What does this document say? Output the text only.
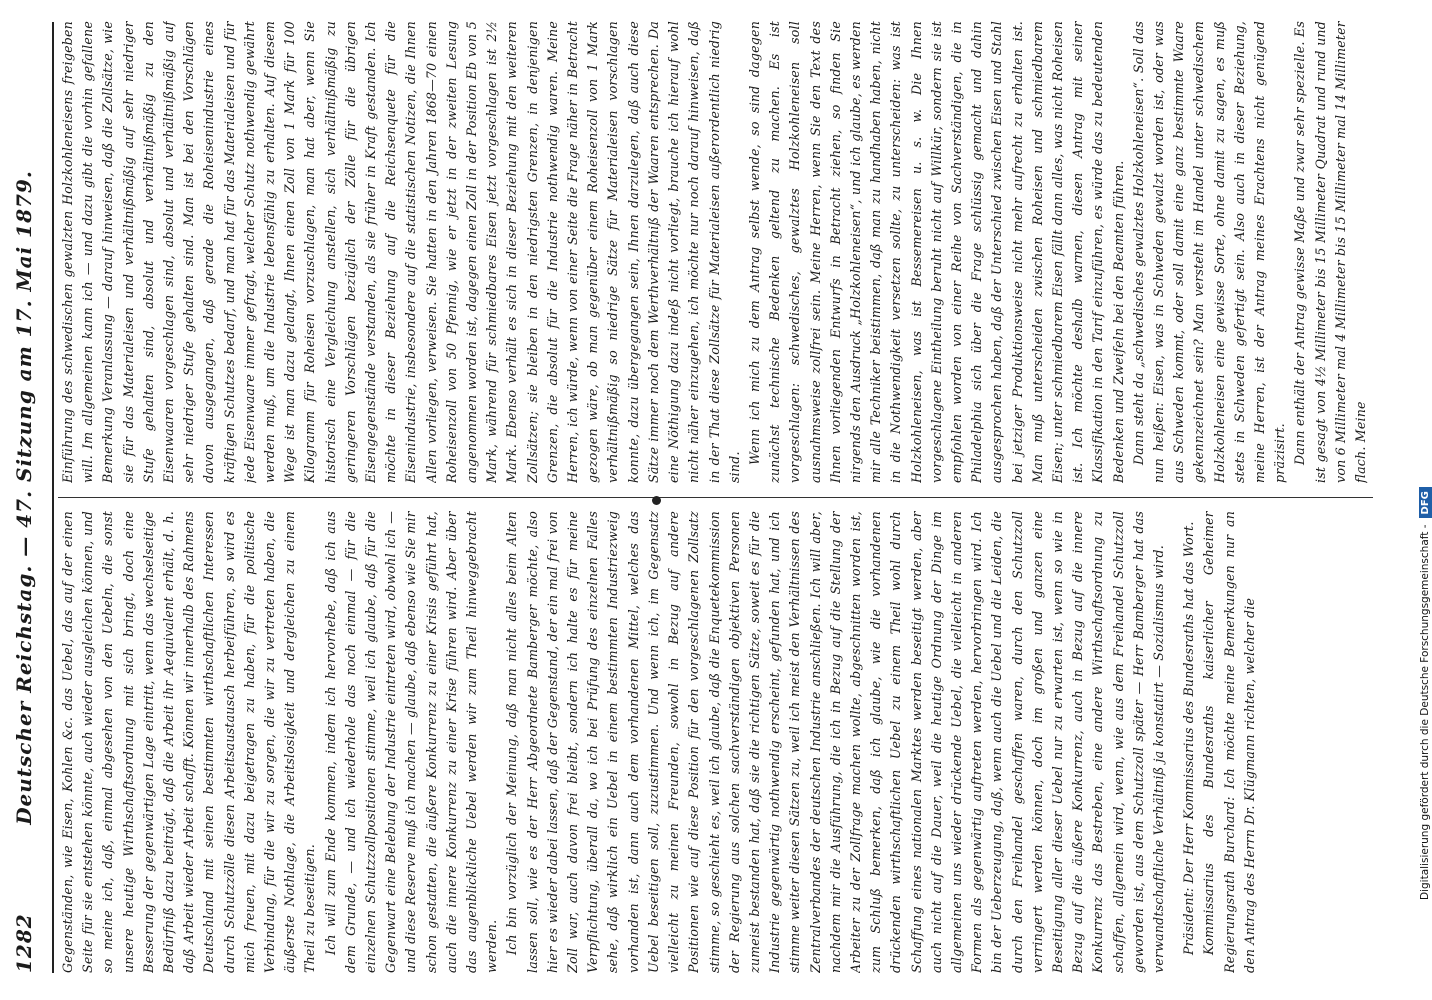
1282
Deutscher Reichstag. — 47. Sitzung am 17. Mai 1879. Gegenständen, wie Eisen, Kohlen &c. das Uebel, das auf der einen Seite für sie entstehen könnte, auch wieder ausgleichen können, und so meine ich, daß, einmal abgesehen von den Uebeln, die sonst unsere heutige Wirthschaftsordnung mit sich bringt, doch eine Besserung der gegenwärtigen Lage eintritt, wenn das wechselseitige Bedürfniß dazu beiträgt, daß die Arbeit ihr Aequivalent erhält, d. h. daß Arbeit wieder Arbeit schafft. Können wir innerhalb des Rahmens Deutschland mit seinen bestimmten wirthschaftlichen Interessen durch Schutzzölle diesen Arbeitsaustausch herbeiführen, so wird es mich freuen, mit dazu beigetragen zu haben, für die politische Verbindung, für die wir zu sorgen, die wir zu vertreten haben, die äußerste Nothlage, die Arbeitslosigkeit und dergleichen zu einem Theil zu beseitigen. Ich will zum Ende kommen, indem ich hervorhebe, daß ich aus dem Grunde, — und ich wiederhole das noch einmal — für die einzelnen Schutzzollpositionen stimme, weil ich glaube, daß für die Gegenwart eine Belebung der Industrie eintreten wird, obwohl ich — und diese Reserve muß ich machen — glaube, daß ebenso wie Sie mir schon gestatten, die äußere Konkurrenz zu einer Krisis geführt hat, auch die innere Konkurrenz zu einer Krise führen wird. Aber über das augenblickliche Uebel werden wir zum Theil hinweggebracht werden. Ich bin vorzüglich der Meinung, daß man nicht alles beim Alten lassen soll, wie es der Herr Abgeordnete Bamberger möchte, also hier es wieder dabei lassen, daß der Gegenstand, der ein mal frei von Zoll war, auch davon frei bleibt, sondern ich halte es für meine Verpflichtung, überall da, wo ich bei Prüfung des einzelnen Falles sehe, daß wirklich ein Uebel in einem bestimmten Industriezweig vorhanden ist, dann auch dem vorhandenen Mittel, welches das Uebel beseitigen soll, zuzustimmen. Und wenn ich, im Gegensatz vielleicht zu meinen Freunden, sowohl in Bezug auf andere Positionen wie auf diese Position für den vorgeschlagenen Zollsatz stimme, so geschieht es, weil ich glaube, daß die Enquetekommission der Regierung aus solchen sachverständigen objektiven Personen zumeist bestanden hat, daß sie die richtigen Sätze, soweit es für die Industrie gegenwärtig nothwendig erscheint, gefunden hat, und ich stimme weiter diesen Sätzen zu, weil ich meist den Verhältnissen des Zentralverbandes der deutschen Industrie anschließen. Ich will aber, nachdem mir die Ausführung, die ich in Bezug auf die Stellung der Arbeiter zu der Zollfrage machen wollte, abgeschnitten worden ist, zum Schluß bemerken, daß ich glaube, wie die vorhandenen drückenden wirthschaftlichen Uebel zu einem Theil wohl durch Schaffung eines nationalen Marktes werden beseitigt werden, aber auch nicht auf die Dauer, weil die heutige Ordnung der Dinge im allgemeinen uns wieder drückende Uebel, die vielleicht in anderen Formen als gegenwärtig auftreten werden, hervorbringen wird. Ich bin der Ueberzeugung, daß, wenn auch die Uebel und die Leiden, die durch den Freihandel geschaffen waren, durch den Schutzzoll verringert werden können, doch im großen und ganzen eine Beseitigung aller dieser Uebel nur zu erwarten ist, wenn so wie in Bezug auf die äußere Konkurrenz, auch in Bezug auf die innere Konkurrenz das Bestreben, eine andere Wirthschaftsordnung zu schaffen, allgemein wird, wenn, wie aus dem Freihandel Schutzzoll geworden ist, aus dem Schutzzoll später — Herr Bamberger hat das verwandtschaftliche Verhältniß ja konstatirt — Sozialismus wird. Präsident: Der Herr Kommissarius des Bundesraths hat das Wort. Kommissarius des Bundesraths kaiserlicher Geheimer Regierungsrath Burchard: Ich möchte meine Bemerkungen nur an den Antrag des Herrn Dr. Klügmann richten, welcher die

Einführung des schwedischen gewalzten Holzkohleneisens freigeben will. Im allgemeinen kann ich — und dazu gibt die vorhin gefallene Bemerkung Veranlassung — darauf hinweisen, daß die Zollsätze, wie sie für das Materialeisen und verhältnißmäßig auf sehr niedriger Stufe gehalten sind, absolut und verhältnißmäßig zu den Eisenwaaren vorgeschlagen sind, absolut und verhältnißmäßig auf sehr niedriger Stufe gehalten sind. Man ist bei den Vorschlägen davon ausgegangen, daß gerade die Roheisenindustrie eines kräftigen Schutzes bedarf, und man hat für das Materialeisen und für jede Eisenwaare immer gefragt, welcher Schutz nothwendig gewährt werden muß, um die Industrie lebensfähig zu erhalten. Auf diesem Wege ist man dazu gelangt, Ihnen einen Zoll von 1 Mark für 100 Kilogramm für Roheisen vorzuschlagen, man hat aber, wenn Sie historisch eine Vergleichung anstellen, sich verhältnißmäßig zu geringeren Vorschlägen bezüglich der Zölle für die übrigen Eisengegenstände verstanden, als sie früher in Kraft gestanden. Ich möchte in dieser Beziehung auf die Reichsenquete für die Eisenindustrie, insbesondere auf die statistischen Notizen, die Ihnen Allen vorliegen, verweisen. Sie hatten in den Jahren 1868—70 einen Roheisenzoll von 50 Pfennig, wie er jetzt in der zweiten Lesung angenommen worden ist, dagegen einen Zoll in der Position Eb von 5 Mark, während für schmiedbares Eisen jetzt vorgeschlagen ist 2½ Mark. Ebenso verhält es sich in dieser Beziehung mit den weiteren Zollsätzen; sie bleiben in den niedrigsten Grenzen, in denjenigen Grenzen, die absolut für die Industrie nothwendig waren. Meine Herren, ich würde, wenn von einer Seite die Frage näher in Betracht gezogen wäre, ob man gegenüber einem Roheisenzoll von 1 Mark verhältnißmäßig so niedrige Sätze für Materialeisen vorschlagen konnte, dazu übergegangen sein, Ihnen darzulegen, daß auch diese Sätze immer noch dem Werthverhältniß der Waaren entsprechen. Da eine Nöthigung dazu indeß nicht vorliegt, brauche ich hierauf wohl nicht näher einzugehen, ich möchte nur noch darauf hinweisen, daß in der That diese Zollsätze für Materialeisen außerordentlich niedrig sind.

Wenn ich mich zu dem Antrag selbst wende, so sind dagegen zunächst technische Bedenken geltend zu machen. Es ist vorgeschlagen: schwedisches, gewalztes Holzkohleneisen soll ausnahmsweise zollfrei sein. Meine Herren, wenn Sie den Text des Ihnen vorliegenden Entwurfs in Betracht ziehen, so finden Sie nirgends den Ausdruck „Holzkohleneisen“, und ich glaube, es werden mir alle Techniker beistimmen, daß man zu handhaben haben, nicht in die Nothwendigkeit versetzen sollte, zu unterscheiden: was ist Holzkohleneisen, was ist Bessemereisen u. s. w. Die Ihnen vorgeschlagene Eintheilung beruht nicht auf Willkür, sondern sie ist empfohlen worden von einer Reihe von Sachverständigen, die in Philadelphia sich über die Frage schlüssig gemacht und dahin ausgesprochen haben, daß der Unterschied zwischen Eisen und Stahl bei jetziger Produktionsweise nicht mehr aufrecht zu erhalten ist. Man muß unterscheiden zwischen Roheisen und schmiedbarem Eisen; unter schmiedbarem Eisen fällt dann alles, was nicht Roheisen ist. Ich möchte deshalb warnen, diesen Antrag mit seiner Klassifikation in den Tarif einzuführen, es würde das zu bedeutenden Bedenken und Zweifeln bei den Beamten führen. Dann steht da „schwedisches gewalztes Holzkohleneisen“. Soll das nun heißen: Eisen, was in Schweden gewalzt worden ist, oder was aus Schweden kommt, oder soll damit eine ganz bestimmte Waare gekennzeichnet sein? Man versteht im Handel unter schwedischem Holzkohleneisen eine gewisse Sorte, ohne damit zu sagen, es muß stets in Schweden gefertigt sein. Also auch in dieser Beziehung, meine Herren, ist der Antrag meines Erachtens nicht genügend präzisirt. Dann enthält der Antrag gewisse Maße und zwar sehr spezielle. Es ist gesagt von 4½ Millimeter bis 15 Millimeter Quadrat und rund und von 6 Millimeter mal 4 Millimeter bis 15 Millimeter mal 14 Millimeter flach. Meine

Digitalisierung gefördert durch die Deutsche Forschungsgemeinschaft -DFG
